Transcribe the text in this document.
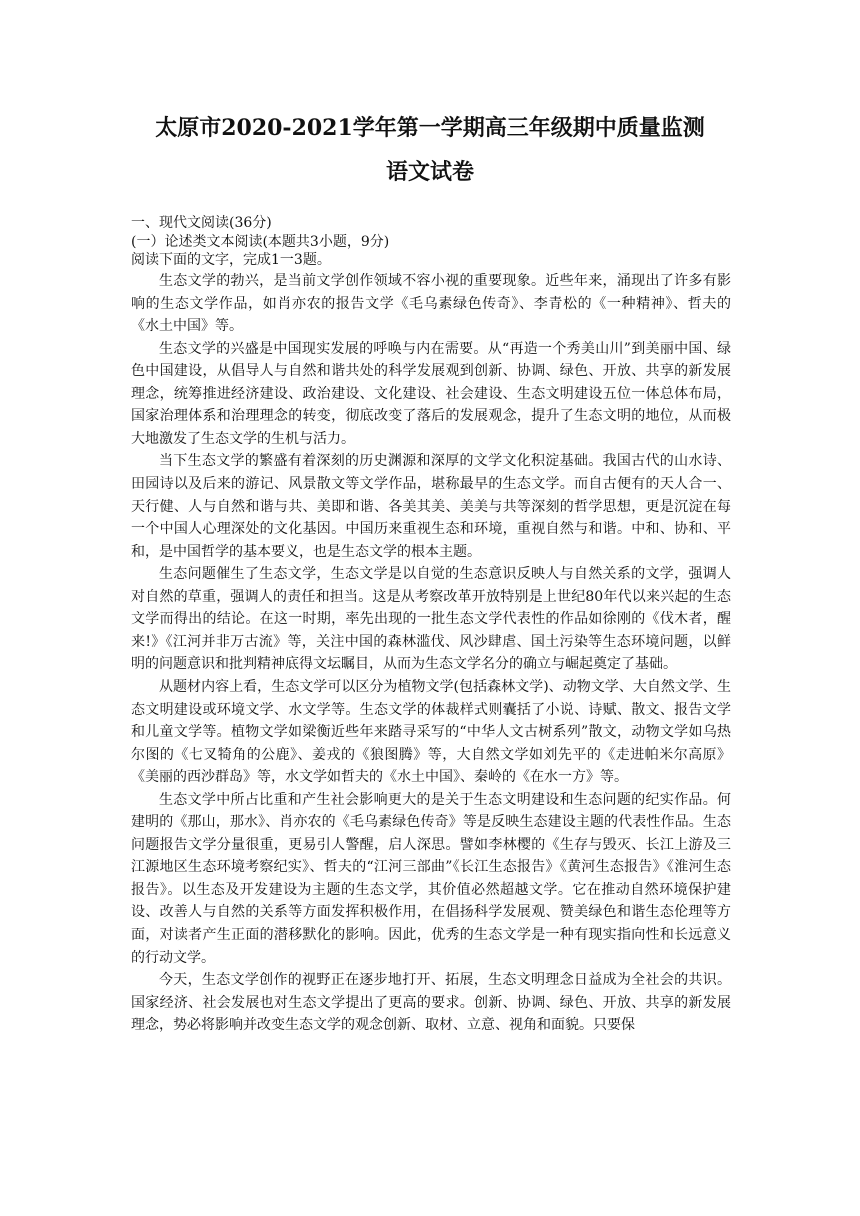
太原市2020-2021学年第一学期高三年级期中质量监测
语文试卷

一、现代文阅读(36分)

(一）论述类文本阅读(本题共3小题，9分)

阅读下面的文字，完成1一3题。

生态文学的勃兴，是当前文学创作领域不容小视的重要现象。近些年来，涌现出了许多有影响的生态文学作品，如肖亦农的报告文学《毛乌素绿色传奇》、李青松的《一种精神》、哲夫的《水土中国》等。

生态文学的兴盛是中国现实发展的呼唤与内在需要。从“再造一个秀美山川”到美丽中国、绿色中国建设，从倡导人与自然和谐共处的科学发展观到创新、协调、绿色、开放、共享的新发展理念，统筹推进经济建设、政治建设、文化建设、社会建设、生态文明建设五位一体总体布局，国家治理体系和治理理念的转变，彻底改变了落后的发展观念，提升了生态文明的地位，从而极大地激发了生态文学的生机与活力。

当下生态文学的繁盛有着深刻的历史渊源和深厚的文学文化积淀基础。我国古代的山水诗、田园诗以及后来的游记、风景散文等文学作品，堪称最早的生态文学。而自古便有的天人合一、天行健、人与自然和谐与共、美即和谐、各美其美、美美与共等深刻的哲学思想，更是沉淀在每一个中国人心理深处的文化基因。中国历来重视生态和环境，重视自然与和谐。中和、协和、平和，是中国哲学的基本要义，也是生态文学的根本主题。

生态问题催生了生态文学，生态文学是以自觉的生态意识反映人与自然关系的文学，强调人对自然的草重，强调人的责任和担当。这是从考察改革开放特别是上世纪80年代以来兴起的生态文学而得出的结论。在这一时期，率先出现的一批生态文学代表性的作品如徐刚的《伐木者，醒来!》《江河并非万古流》等，关注中国的森林滥伐、风沙肆虐、国土污染等生态环境问题，以鲜明的问题意识和批判精神底得文坛瞩目，从而为生态文学名分的确立与崛起奠定了基础。

从题材内容上看，生态文学可以区分为植物文学(包括森林文学)、动物文学、大自然文学、生态文明建设或环境文学、水文学等。生态文学的体裁样式则囊括了小说、诗赋、散文、报告文学和儿童文学等。植物文学如梁衡近些年来踏寻采写的“中华人文古树系列”散文，动物文学如乌热尔图的《七叉犄角的公鹿》、姜戎的《狼图腾》等，大自然文学如刘先平的《走进帕米尔高原》《美丽的西沙群岛》等，水文学如哲夫的《水土中国》、秦岭的《在水一方》等。

生态文学中所占比重和产生社会影响更大的是关于生态文明建设和生态问题的纪实作品。何建明的《那山，那水》、肖亦农的《毛乌素绿色传奇》等是反映生态建设主题的代表性作品。生态问题报告文学分量很重，更易引人警醒，启人深思。譬如李林樱的《生存与毁灭、长江上游及三江源地区生态环境考察纪实》、哲夫的“江河三部曲”《长江生态报告》《黄河生态报告》《淮河生态报告》。以生态及开发建设为主题的生态文学，其价值必然超越文学。它在推动自然环境保护建设、改善人与自然的关系等方面发挥积极作用，在倡扬科学发展观、赞美绿色和谐生态伦理等方面，对读者产生正面的潜移默化的影响。因此，优秀的生态文学是一种有现实指向性和长远意义的行动文学。

今天，生态文学创作的视野正在逐步地打开、拓展，生态文明理念日益成为全社会的共识。国家经济、社会发展也对生态文学提出了更高的要求。创新、协调、绿色、开放、共享的新发展理念，势必将影响并改变生态文学的观念创新、取材、立意、视角和面貌。只要保
